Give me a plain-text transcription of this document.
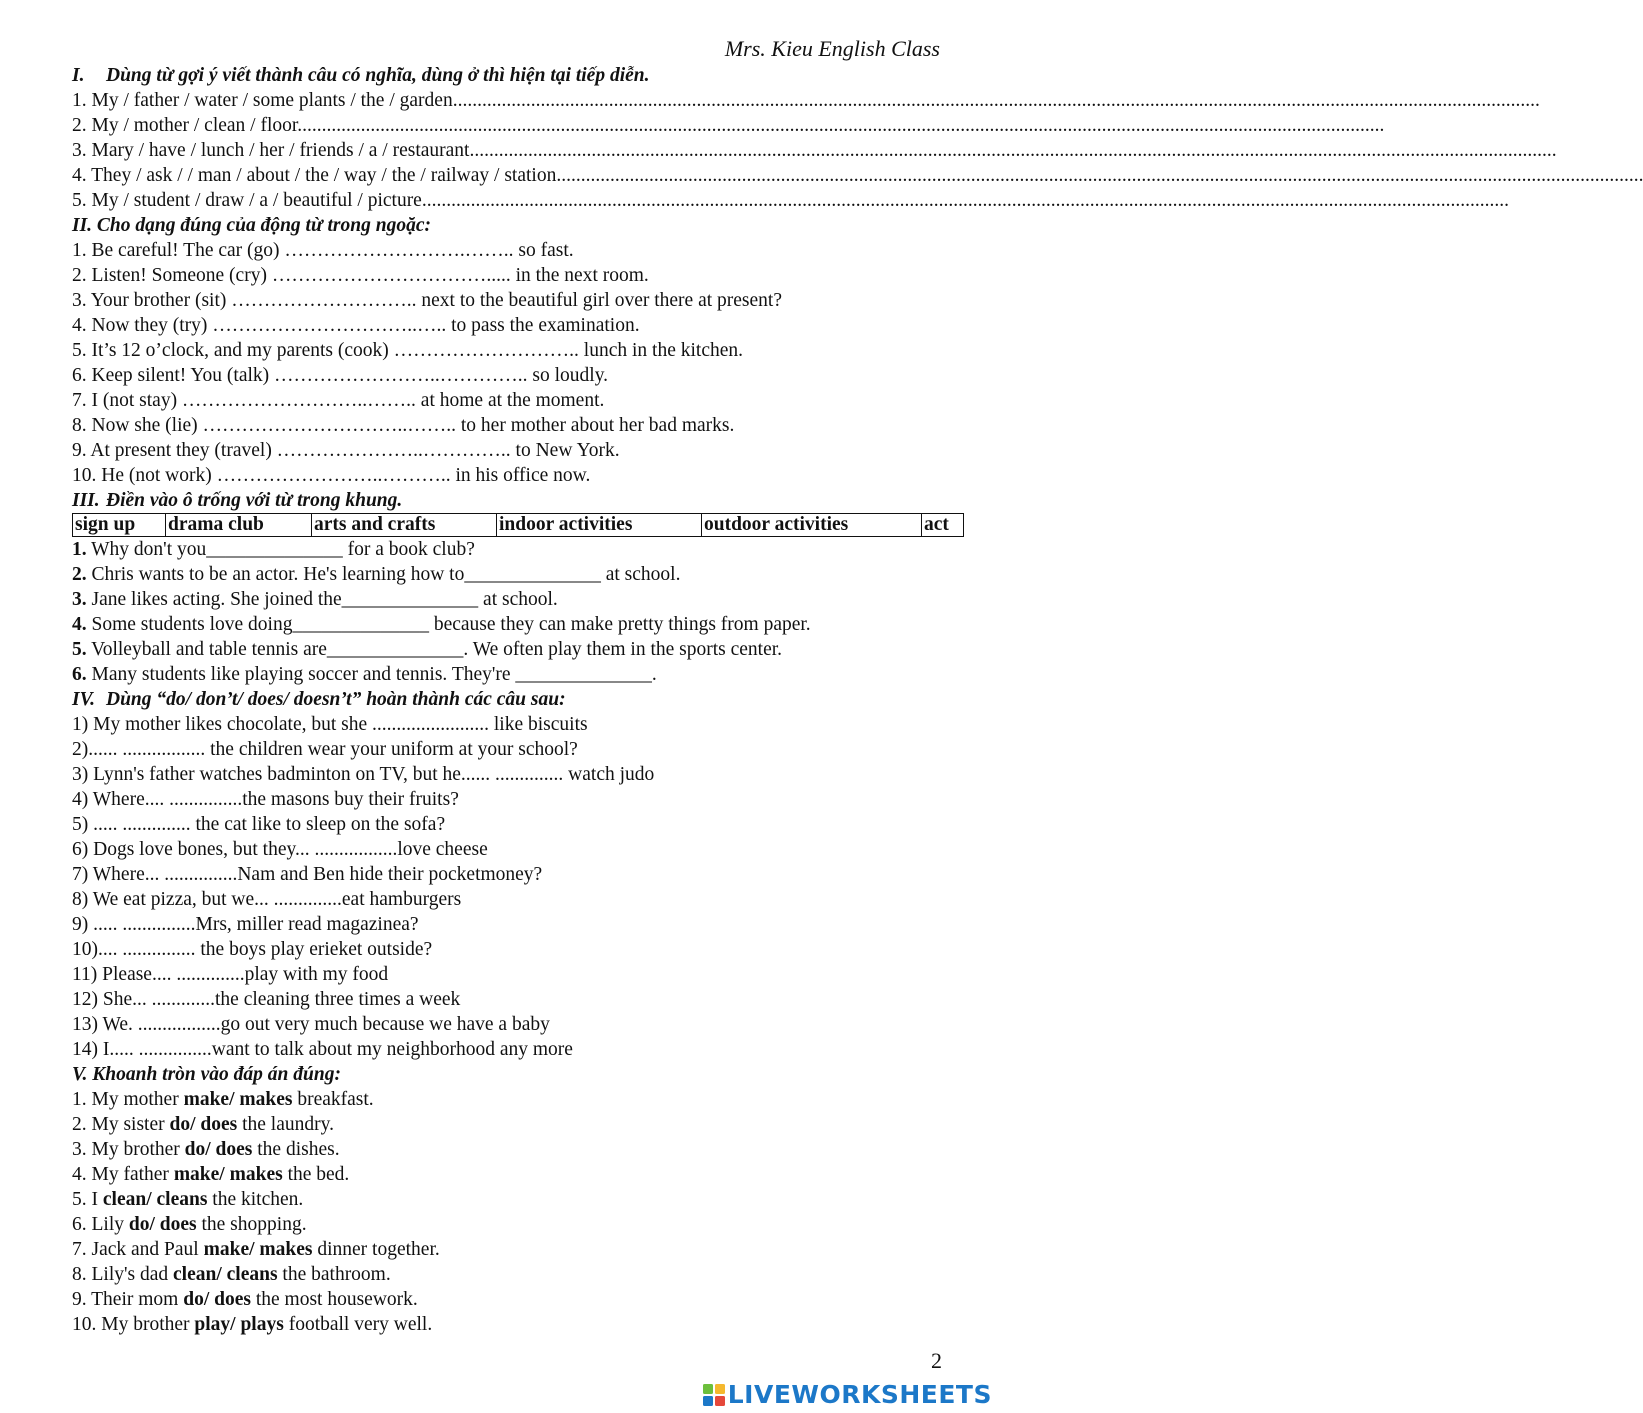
Mrs. Kieu English Class
I. Dùng từ gợi ý viết thành câu có nghĩa, dùng ở thì hiện tại tiếp diễn.
1. My / father / water / some plants / the / garden. ..............................................................................................................................................................................................................................
2. My / mother / clean / floor. ..............................................................................................................................................................................................................................
3. Mary / have / lunch / her / friends / a / restaurant. ..............................................................................................................................................................................................................................
4. They / ask / / man / about / the / way / the / railway / station. ..............................................................................................................................................................................................................................
5. My / student / draw / a / beautiful / picture. ..............................................................................................................................................................................................................................
II. Cho dạng đúng của động từ trong ngoặc:
1. Be careful! The car (go) ……………………….…….. so fast.
2. Listen! Someone (cry) ……………………………..... in the next room.
3. Your brother (sit) ……………………….. next to the beautiful girl over there at present?
4. Now they (try) …………………………..….. to pass the examination.
5. It’s 12 o’clock, and my parents (cook) ……………………….. lunch in the kitchen.
6. Keep silent! You (talk) ……………………..………….. so loudly.
7. I (not stay) ………………………..…….. at home at the moment.
8. Now she (lie) …………………………..…….. to her mother about her bad marks.
9. At present they (travel) …………………..………….. to New York.
10. He (not work) ……………………..……….. in his office now.
III. Điền vào ô trống với từ trong khung.
sign up	drama club	arts and crafts	indoor activities	outdoor activities	act
1. Why don't you______________ for a book club?
2. Chris wants to be an actor. He's learning how to______________ at school.
3. Jane likes acting. She joined the______________ at school.
4. Some students love doing______________ because they can make pretty things from paper.
5. Volleyball and table tennis are______________. We often play them in the sports center.
6. Many students like playing soccer and tennis. They're ______________.
IV. Dùng “do/ don’t/ does/ doesn’t” hoàn thành các câu sau:
1) My mother likes chocolate, but she ........................ like biscuits
2)...... ................. the children wear your uniform at your school?
3) Lynn's father watches badminton on TV, but he...... .............. watch judo
4) Where.... ...............the masons buy their fruits?
5) ..... .............. the cat like to sleep on the sofa?
6) Dogs love bones, but they... .................love cheese
7) Where... ...............Nam and Ben hide their pocketmoney?
8) We eat pizza, but we... ..............eat hamburgers
9) ..... ...............Mrs, miller read magazinea?
10).... ............... the boys play erieket outside?
11) Please.... ..............play with my food
12) She... .............the cleaning three times a week
13) We. .................go out very much because we have a baby
14) I..... ...............want to talk about my neighborhood any more
V. Khoanh tròn vào đáp án đúng:
1. My mother make/ makes breakfast.
2. My sister do/ does the laundry.
3. My brother do/ does the dishes.
4. My father make/ makes the bed.
5. I clean/ cleans the kitchen.
6. Lily do/ does the shopping.
7. Jack and Paul make/ makes dinner together.
8. Lily's dad clean/ cleans the bathroom.
9. Their mom do/ does the most housework.
10. My brother play/ plays football very well.
2
LIVEWORKSHEETS
